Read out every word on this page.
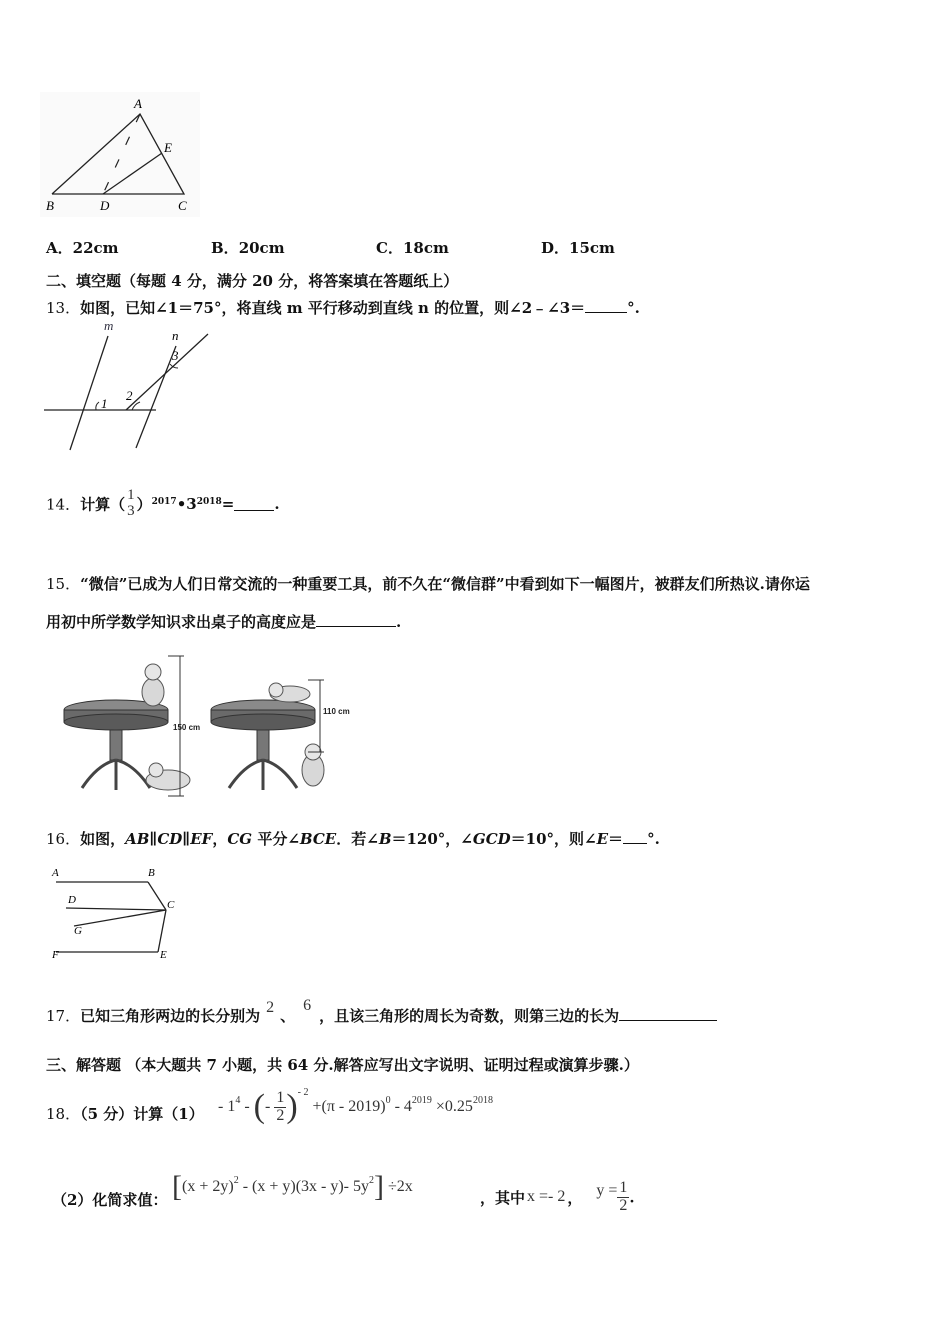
A
E
B	D	C
A．22cm	B．20cm	C．18cm	D．15cm
二、填空题（每题 4 分，满分 20 分，将答案填在答题纸上）
13．如图，已知∠1＝75°，将直线 m 平行移动到直线 n 的位置，则∠2﹣∠3＝	°.
m
n
1
2
3
14．计算（
1
3 ）$^{2017}•3^{2018}=$	.
15．“微信”已成为人们日常交流的一种重要工具，前不久在“微信群”中看到如下一幅图片，被群友们所热议.请你运
用初中所学数学知识求出桌子的高度应是	.
150 cm
110 cm
16．如图，AB∥CD∥EF，CG 平分∠BCE．若∠B＝120°，∠GCD＝10°，则∠E＝ °.
A	B
C
D
G
F	E
17．已知三角形两边的长分别为 2 、6，且该三角形的周长为奇数，则第三边的长为
三、解答题 （本大题共 7 小题，共 64 分.解答应写出文字说明、证明过程或演算步骤.）
18．（5 分）计算$(1) - 1^4$ - (- $\frac{1}{2} )^{- 2} +(\pi - 2019)^0 - 4^{2019} \times 0.25^{2018}$
（2）化简求值： [$(x + 2y)^2 - (x + y)(3x - y)-$ $5y^2] \div 2x$
，其中 x =- 2 ， $y = \frac{1}{2}$ .
